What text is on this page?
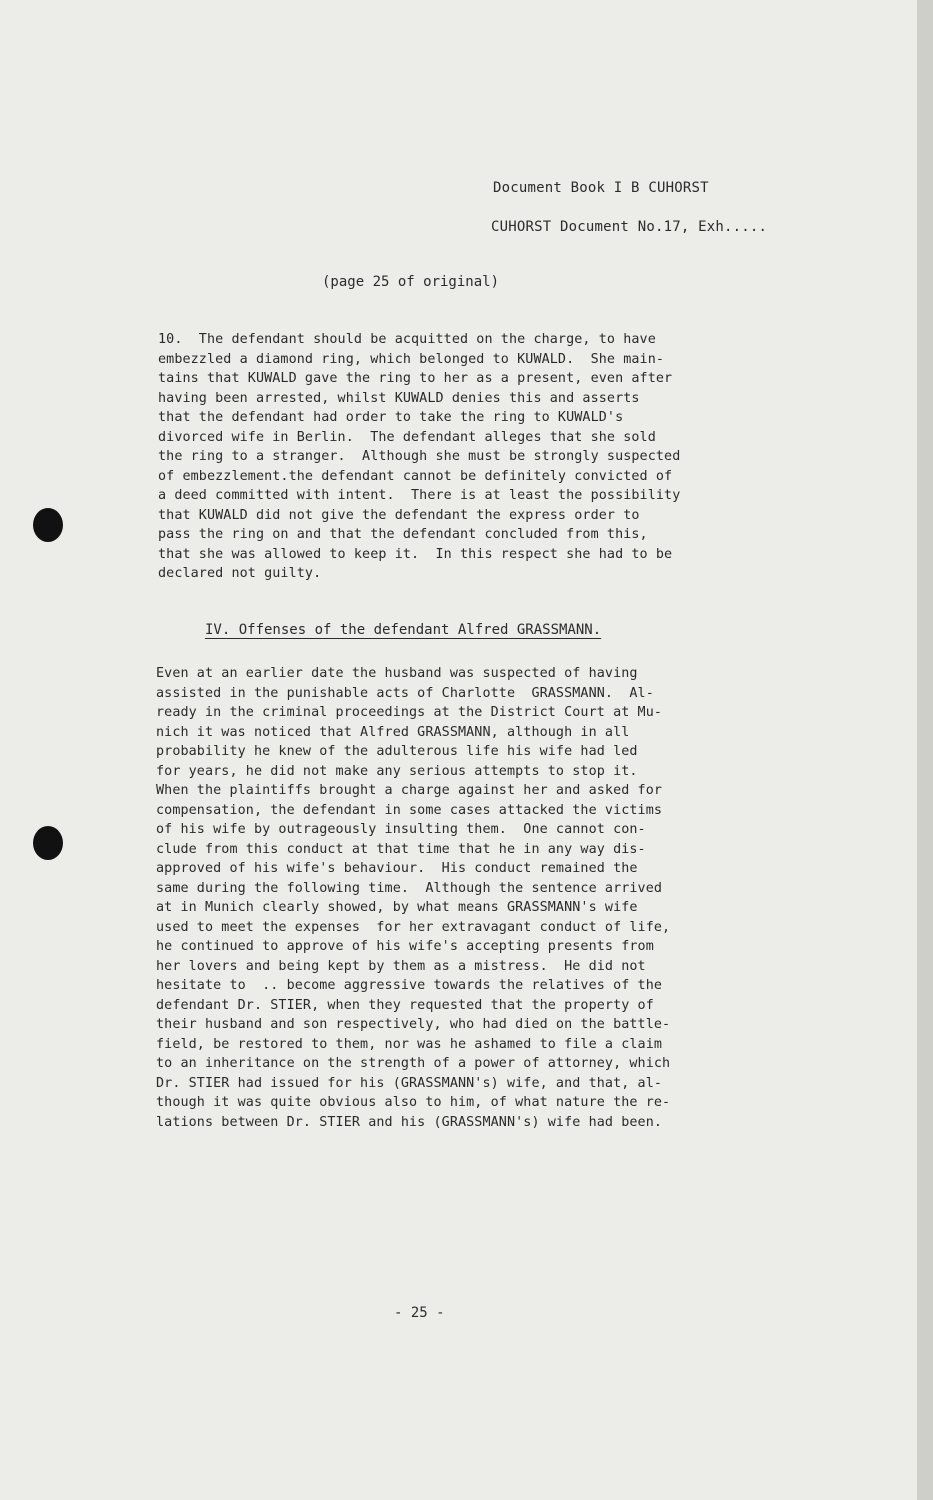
Document Book I B CUHORST
CUHORST Document No.17, Exh.....
(page 25 of original)
10.  The defendant should be acquitted on the charge, to have
embezzled a diamond ring, which belonged to KUWALD.  She main-
tains that KUWALD gave the ring to her as a present, even after
having been arrested, whilst KUWALD denies this and asserts
that the defendant had order to take the ring to KUWALD's
divorced wife in Berlin.  The defendant alleges that she sold
the ring to a stranger.  Although she must be strongly suspected
of embezzlement.the defendant cannot be definitely convicted of
a deed committed with intent.  There is at least the possibility
that KUWALD did not give the defendant the express order to
pass the ring on and that the defendant concluded from this,
that she was allowed to keep it.  In this respect she had to be
declared not guilty.
IV. Offenses of the defendant Alfred GRASSMANN.
Even at an earlier date the husband was suspected of having
assisted in the punishable acts of Charlotte  GRASSMANN.  Al-
ready in the criminal proceedings at the District Court at Mu-
nich it was noticed that Alfred GRASSMANN, although in all
probability he knew of the adulterous life his wife had led
for years, he did not make any serious attempts to stop it.
When the plaintiffs brought a charge against her and asked for
compensation, the defendant in some cases attacked the victims
of his wife by outrageously insulting them.  One cannot con-
clude from this conduct at that time that he in any way dis-
approved of his wife's behaviour.  His conduct remained the
same during the following time.  Although the sentence arrived
at in Munich clearly showed, by what means GRASSMANN's wife
used to meet the expenses  for her extravagant conduct of life,
he continued to approve of his wife's accepting presents from
her lovers and being kept by them as a mistress.  He did not
hesitate to  .. become aggressive towards the relatives of the
defendant Dr. STIER, when they requested that the property of
their husband and son respectively, who had died on the battle-
field, be restored to them, nor was he ashamed to file a claim
to an inheritance on the strength of a power of attorney, which
Dr. STIER had issued for his (GRASSMANN's) wife, and that, al-
though it was quite obvious also to him, of what nature the re-
lations between Dr. STIER and his (GRASSMANN's) wife had been.
- 25 -
